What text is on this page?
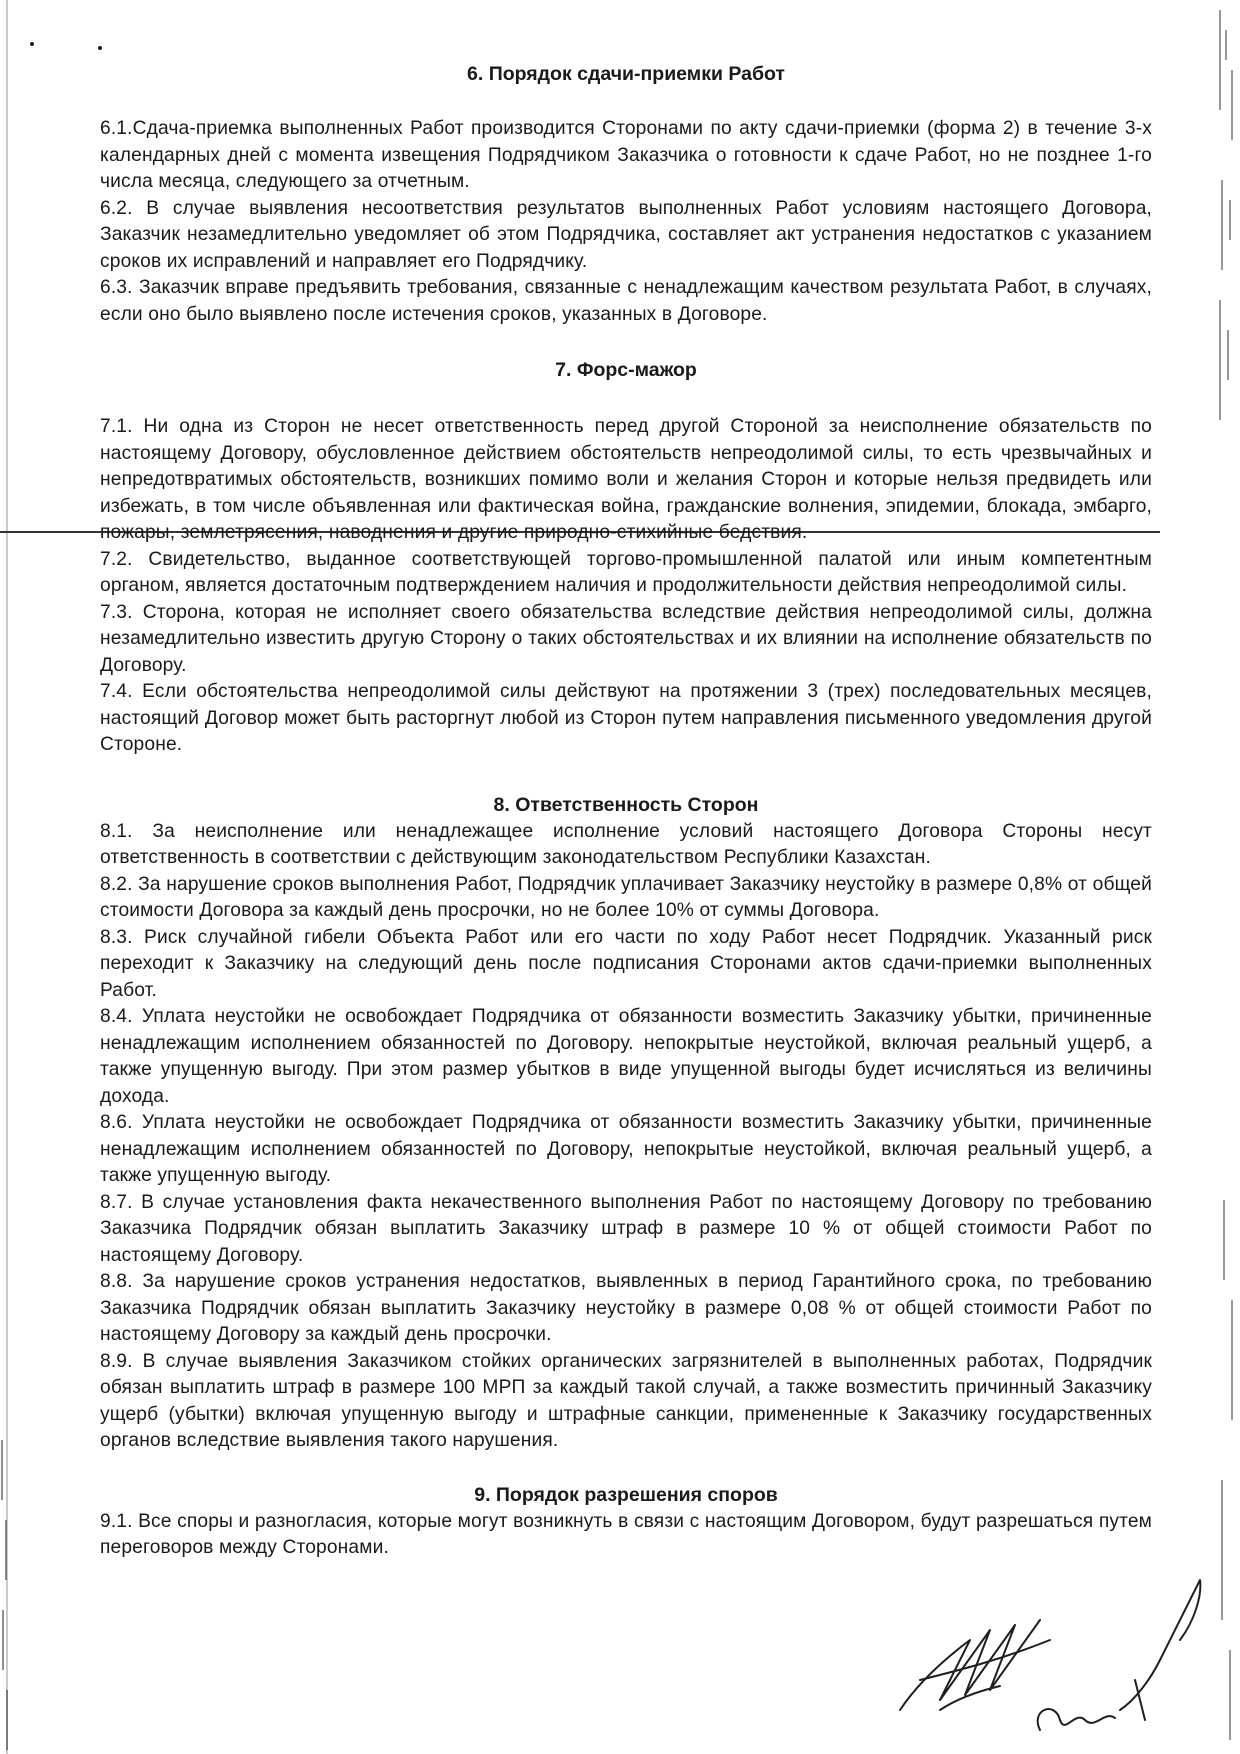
6. Порядок сдачи-приемки Работ

6.1.Сдача-приемка выполненных Работ производится Сторонами по акту сдачи-приемки (форма 2) в течение 3-х календарных дней с момента извещения Подрядчиком Заказчика о готовности к сдаче Работ, но не позднее 1-го числа месяца, следующего за отчетным.

6.2. В случае выявления несоответствия результатов выполненных Работ условиям настоящего Договора, Заказчик незамедлительно уведомляет об этом Подрядчика, составляет акт устранения недостатков с указанием сроков их исправлений и направляет его Подрядчику.

6.3. Заказчик вправе предъявить требования, связанные с ненадлежащим качеством результата Работ, в случаях, если оно было выявлено после истечения сроков, указанных в Договоре.

7. Форс-мажор

7.1. Ни одна из Сторон не несет ответственность перед другой Стороной за неисполнение обязательств по настоящему Договору, обусловленное действием обстоятельств непреодолимой силы, то есть чрезвычайных и непредотвратимых обстоятельств, возникших помимо воли и желания Сторон и которые нельзя предвидеть или избежать, в том числе объявленная или фактическая война, гражданские волнения, эпидемии, блокада, эмбарго, пожары, землетрясения, наводнения и другие природно-стихийные бедствия.

7.2. Свидетельство, выданное соответствующей торгово-промышленной палатой или иным компетентным органом, является достаточным подтверждением наличия и продолжительности действия непреодолимой силы.

7.3. Сторона, которая не исполняет своего обязательства вследствие действия непреодолимой силы, должна незамедлительно известить другую Сторону о таких обстоятельствах и их влиянии на исполнение обязательств по Договору.

7.4. Если обстоятельства непреодолимой силы действуют на протяжении 3 (трех) последовательных месяцев, настоящий Договор может быть расторгнут любой из Сторон путем направления письменного уведомления другой Стороне.

8. Ответственность Сторон

8.1. За неисполнение или ненадлежащее исполнение условий настоящего Договора Стороны несут ответственность в соответствии с действующим законодательством Республики Казахстан.

8.2. За нарушение сроков выполнения Работ, Подрядчик уплачивает Заказчику неустойку в размере 0,8% от общей стоимости Договора за каждый день просрочки, но не более 10% от суммы Договора.

8.3. Риск случайной гибели Объекта Работ или его части по ходу Работ несет Подрядчик. Указанный риск переходит к Заказчику на следующий день после подписания Сторонами актов сдачи-приемки выполненных Работ.

8.4. Уплата неустойки не освобождает Подрядчика от обязанности возместить Заказчику убытки, причиненные ненадлежащим исполнением обязанностей по Договору. непокрытые неустойкой, включая реальный ущерб, а также упущенную выгоду. При этом размер убытков в виде упущенной выгоды будет исчисляться из величины дохода.

8.6. Уплата неустойки не освобождает Подрядчика от обязанности возместить Заказчику убытки, причиненные ненадлежащим исполнением обязанностей по Договору, непокрытые неустойкой, включая реальный ущерб, а также упущенную выгоду.

8.7. В случае установления факта некачественного выполнения Работ по настоящему Договору по требованию Заказчика Подрядчик обязан выплатить Заказчику штраф в размере 10 % от общей стоимости Работ по настоящему Договору.

8.8. За нарушение сроков устранения недостатков, выявленных в период Гарантийного срока, по требованию Заказчика Подрядчик обязан выплатить Заказчику неустойку в размере 0,08 % от общей стоимости Работ по настоящему Договору за каждый день просрочки.

8.9. В случае выявления Заказчиком стойких органических загрязнителей в выполненных работах, Подрядчик обязан выплатить штраф в размере 100 МРП за каждый такой случай, а также возместить причинный Заказчику ущерб (убытки) включая упущенную выгоду и штрафные санкции, примененные к Заказчику государственных органов вследствие выявления такого нарушения.

9. Порядок разрешения споров

9.1. Все споры и разногласия, которые могут возникнуть в связи с настоящим Договором, будут разрешаться путем переговоров между Сторонами.
